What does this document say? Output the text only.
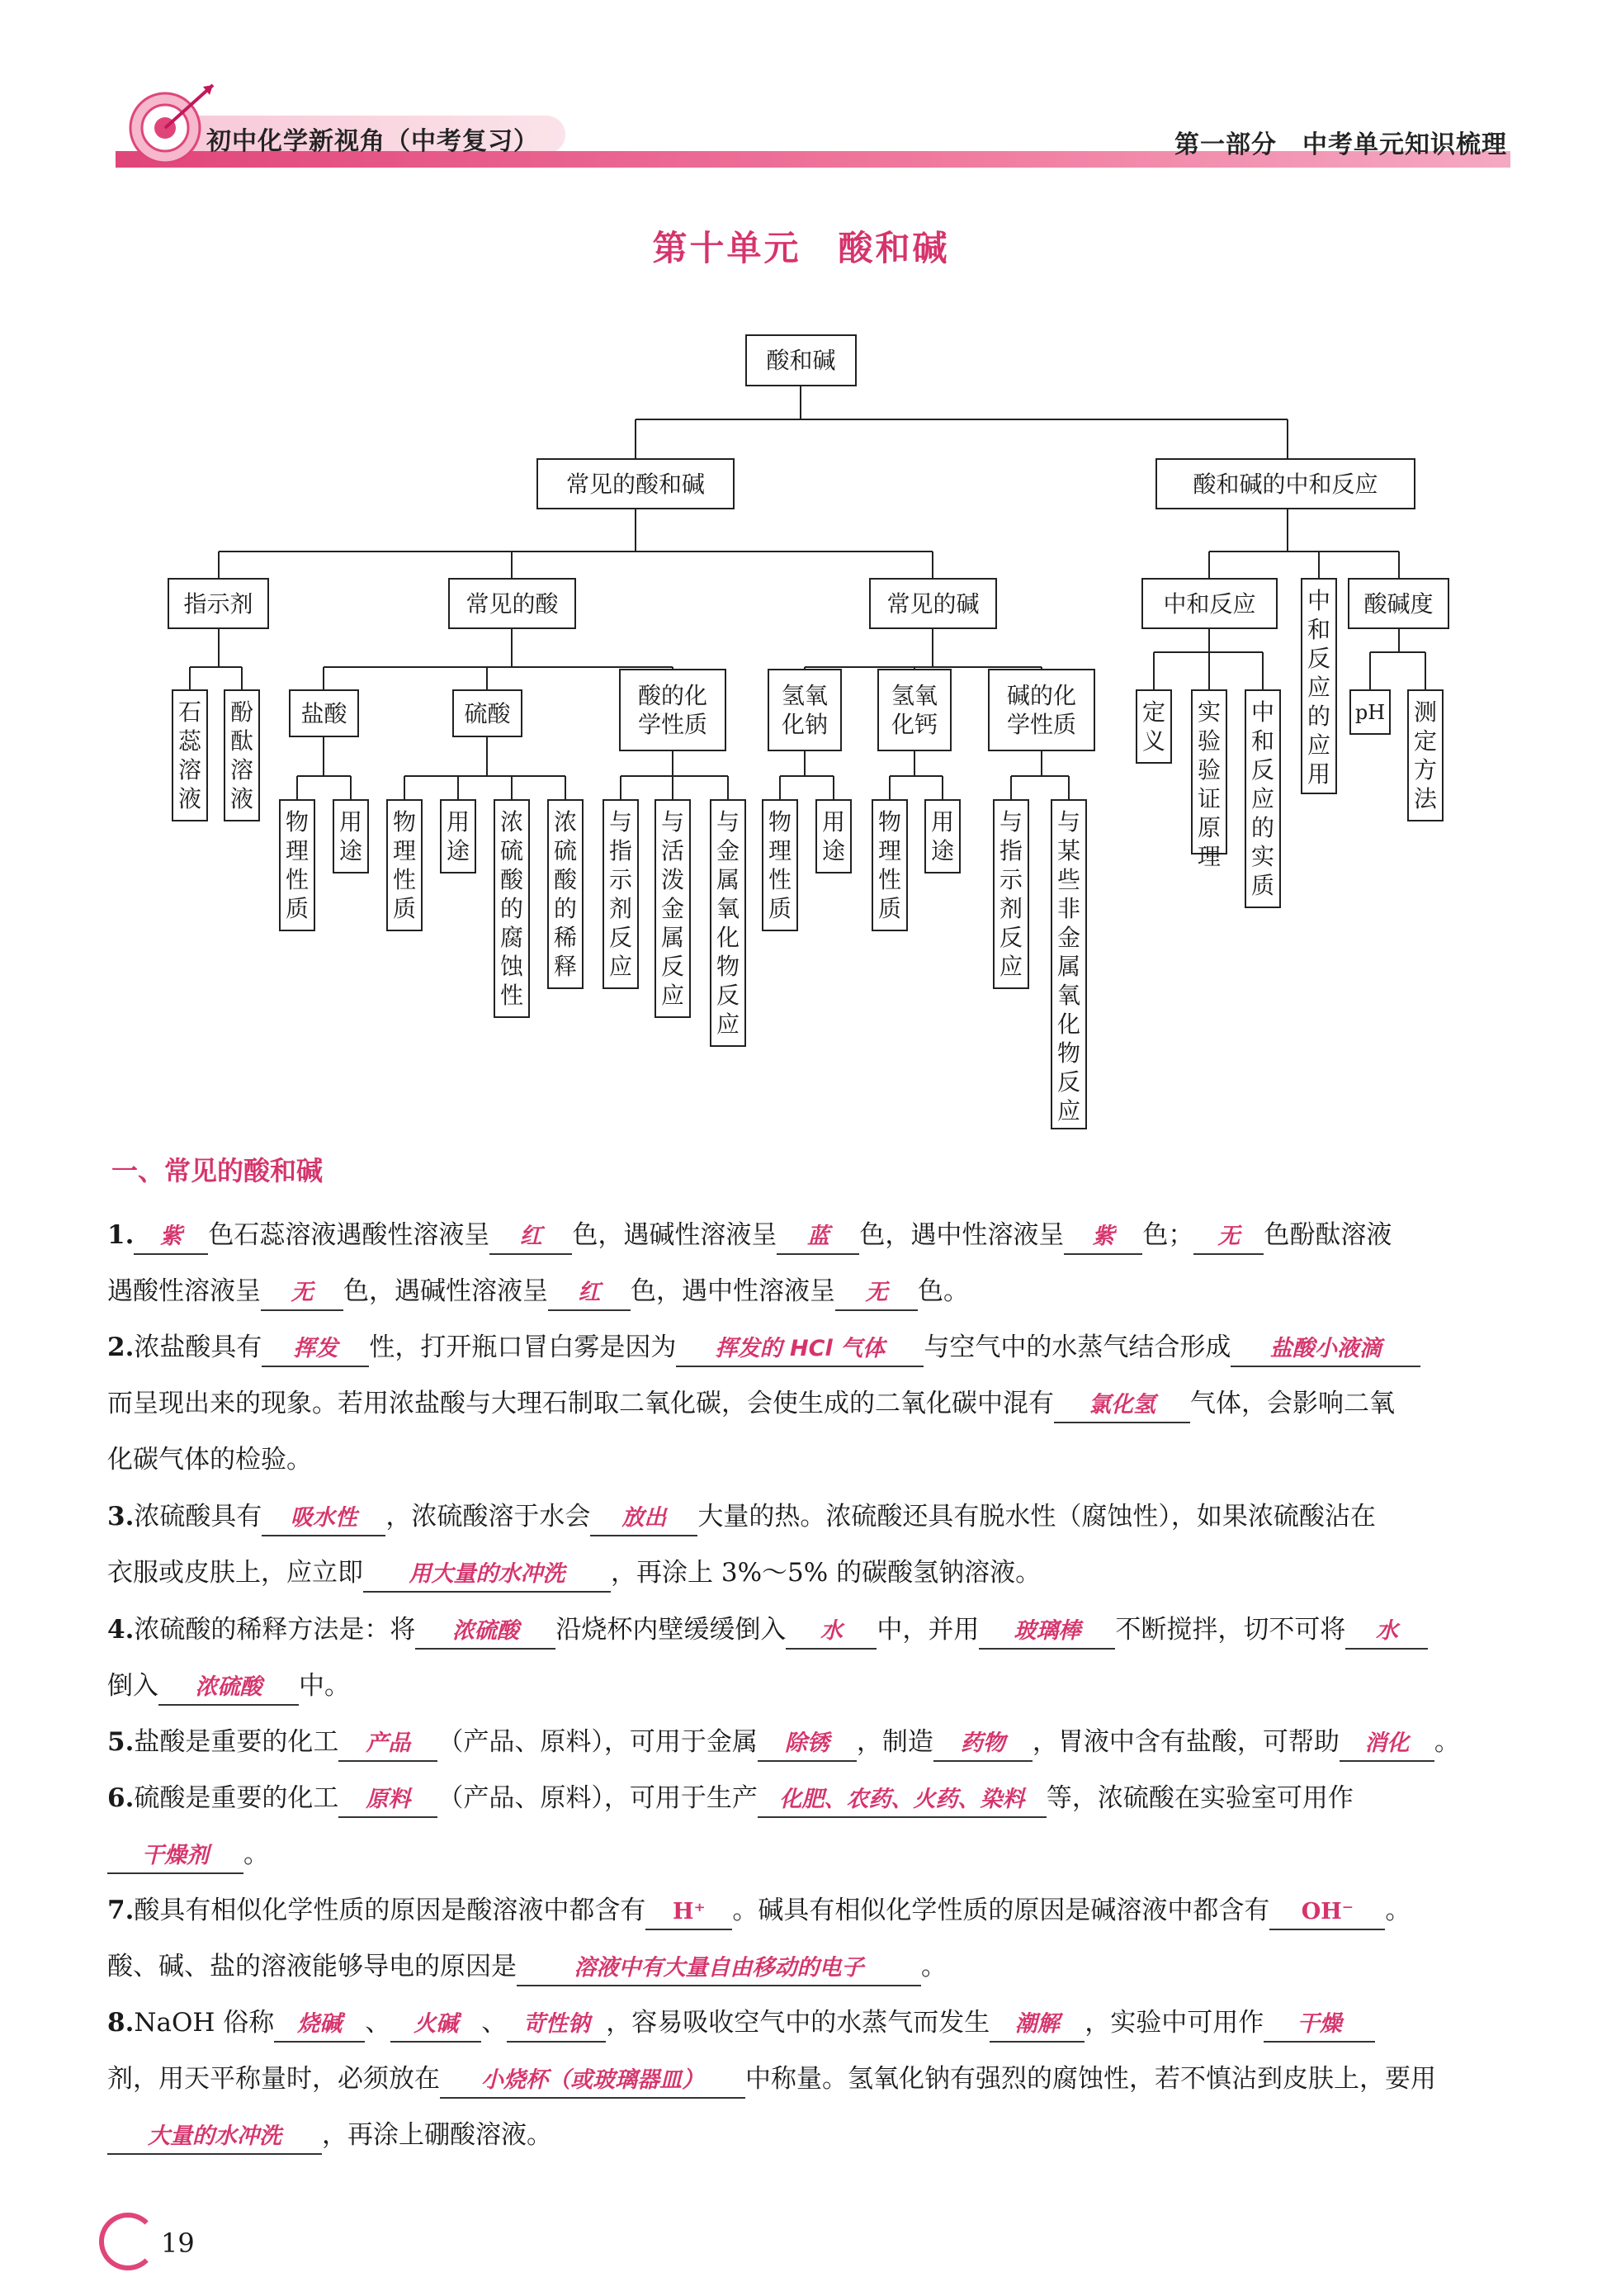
初中化学新视角（中考复习）	第一部分　中考单元知识梳理
第十单元　酸和碱
酸和碱
常见的酸和碱	酸和碱的中和反应
指示剂	常见的酸	常见的碱	中和反应	中
和
反
应
的
应
用
酸碱度
石
蕊
溶
液
酚
酞
溶
液
盐酸	硫酸
酸的化学性质
氢氧化钠
氢氧化钙
碱的化学性质	定
义
实
验
验
证
原
理
中
和
反
应
的
实
质
pH 测
定
方
法
物
理
性
质
用
途
物
理
性
质
用
途
浓
硫
酸
的
腐
蚀
性
浓
硫
酸
的
稀
释
与
指
示
剂
反
应
与
活
泼
金
属
反
应
与
金
属
氧
化
物
反
应
物
理
性
质
用
途
物
理
性
质
用
途
与
指
示
剂
反
应
与
某
些
非
金
属
氧
化
物
反
应
一、常见的酸和碱
1. 紫 色石蕊溶液遇酸性溶液呈 红 色，遇碱性溶液呈 蓝 色，遇中性溶液呈 紫 色； 无 色酚酞溶液
遇酸性溶液呈 无 色，遇碱性溶液呈 红 色，遇中性溶液呈 无 色。
2.浓盐酸具有 挥发 性，打开瓶口冒白雾是因为 挥发的 HCl 气体 与空气中的水蒸气结合形成 盐酸小液滴
而呈现出来的现象。若用浓盐酸与大理石制取二氧化碳，会使生成的二氧化碳中混有 氯化氢 气体，会影响二氧
化碳气体的检验。
3.浓硫酸具有 吸水性 ，浓硫酸溶于水会 放出 大量的热。浓硫酸还具有脱水性（腐蚀性），如果浓硫酸沾在
衣服或皮肤上，应立即 用大量的水冲洗 ，再涂上 3%～5% 的碳酸氢钠溶液。
4.浓硫酸的稀释方法是：将 浓硫酸 沿烧杯内壁缓缓倒入 水 中，并用 玻璃棒 不断搅拌，切不可将 水
倒入 浓硫酸 中。
5.盐酸是重要的化工 产品 （产品、原料），可用于金属 除锈 ，制造 药物 ，胃液中含有盐酸，可帮助 消化 。
6.硫酸是重要的化工 原料 （产品、原料），可用于生产 化肥、农药、火药、染料 等，浓硫酸在实验室可用作
干燥剂 。
7.酸具有相似化学性质的原因是酸溶液中都含有 H⁺ 。碱具有相似化学性质的原因是碱溶液中都含有 OH⁻ 。
酸、碱、盐的溶液能够导电的原因是	溶液中有大量自由移动的电子 。
8.NaOH 俗称 烧碱 、 火碱 、 苛性钠 ，容易吸收空气中的水蒸气而发生 潮解 ，实验中可用作 干燥
剂，用天平称量时，必须放在 小烧杯（或玻璃器皿） 中称量。氢氧化钠有强烈的腐蚀性，若不慎沾到皮肤上，要用
大量的水冲洗 ，再涂上硼酸溶液。
19
